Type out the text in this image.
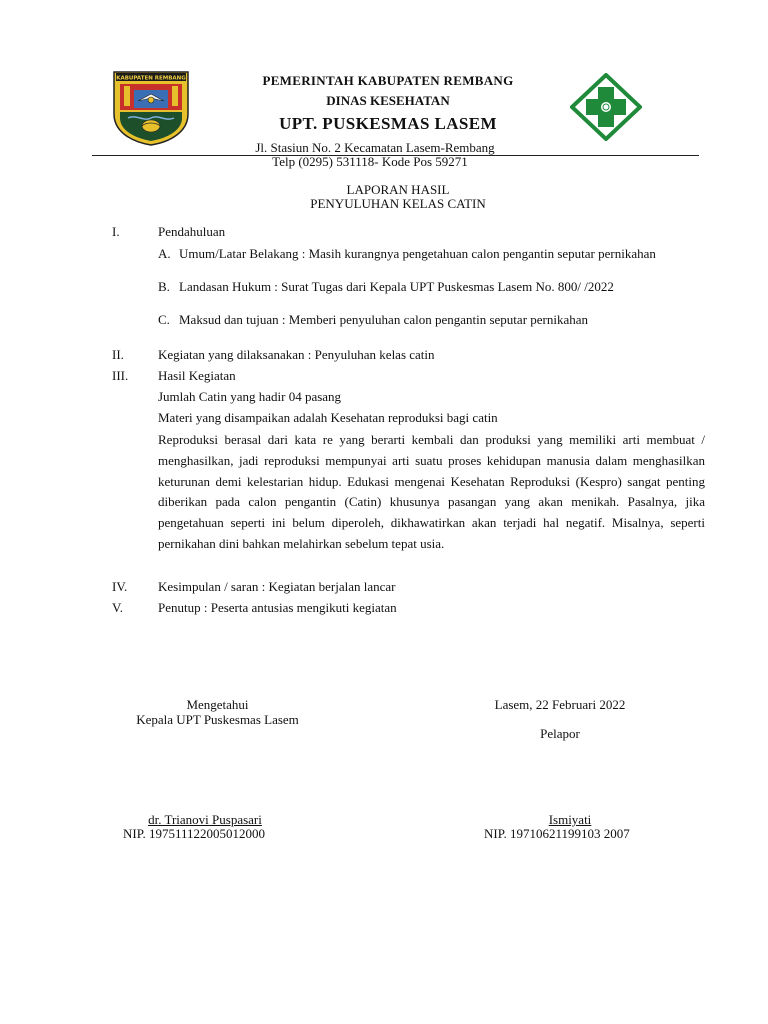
KABUPATEN REMBANG	PEMERINTAH KABUPATEN REMBANG
DINAS KESEHATAN
UPT. PUSKESMAS LASEM
Jl. Stasiun No. 2 Kecamatan Lasem-Rembang
Telp (0295) 531118- Kode Pos 59271
LAPORAN HASIL
PENYULUHAN KELAS CATIN
I.	Pendahuluan
A. Umum/Latar Belakang : Masih kurangnya pengetahuan calon pengantin seputar pernikahan
B. Landasan Hukum : Surat Tugas dari Kepala UPT Puskesmas Lasem No. 800/ /2022
C. Maksud dan tujuan : Memberi penyuluhan calon pengantin seputar pernikahan
II.	Kegiatan yang dilaksanakan : Penyuluhan kelas catin
III. Hasil Kegiatan
Jumlah Catin yang hadir 04 pasang
Materi yang disampaikan adalah Kesehatan reproduksi bagi catin
Reproduksi berasal dari kata re yang berarti kembali dan produksi yang memiliki arti membuat / menghasilkan, jadi reproduksi mempunyai arti suatu proses kehidupan manusia dalam menghasilkan keturunan demi kelestarian hidup. Edukasi mengenai Kesehatan Reproduksi (Kespro) sangat penting diberikan pada calon pengantin (Catin) khusunya pasangan yang akan menikah. Pasalnya, jika pengetahuan seperti ini belum diperoleh, dikhawatirkan akan terjadi hal negatif. Misalnya, seperti pernikahan dini bahkan melahirkan sebelum tepat usia.
IV. Kesimpulan / saran : Kegiatan berjalan lancar
V.	Penutup : Peserta antusias mengikuti kegiatan
Mengetahui
Kepala UPT Puskesmas Lasem
Lasem, 22 Februari 2022
Pelapor
dr. Trianovi Puspasari
NIP. 197511122005012000
Ismiyati
NIP. 19710621199103 2007
